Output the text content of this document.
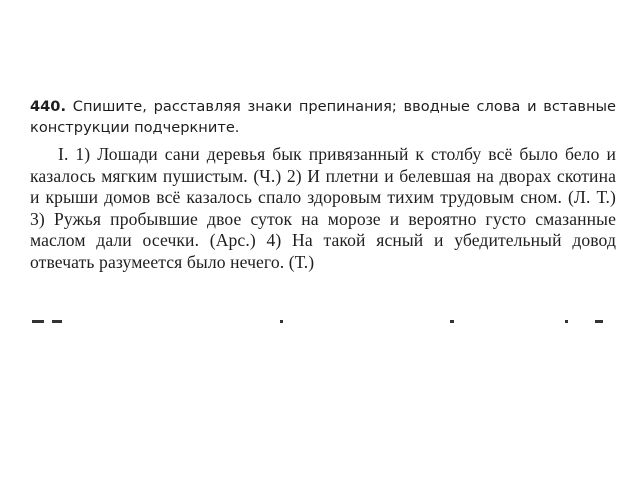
440. Спишите, расставляя знаки препинания; вводные слова и вставные конструкции подчеркните.

I. 1) Лошади сани деревья бык привязанный к столбу всё было бело и казалось мягким пушистым. (Ч.) 2) И плетни и белевшая на дворах скотина и крыши домов всё казалось спало здоровым тихим трудовым сном. (Л. Т.) 3) Ружья пробывшие двое суток на морозе и вероятно густо смазанные маслом дали осечки. (Арс.) 4) На такой ясный и убедительный довод отвечать разумеется было нечего. (Т.)
